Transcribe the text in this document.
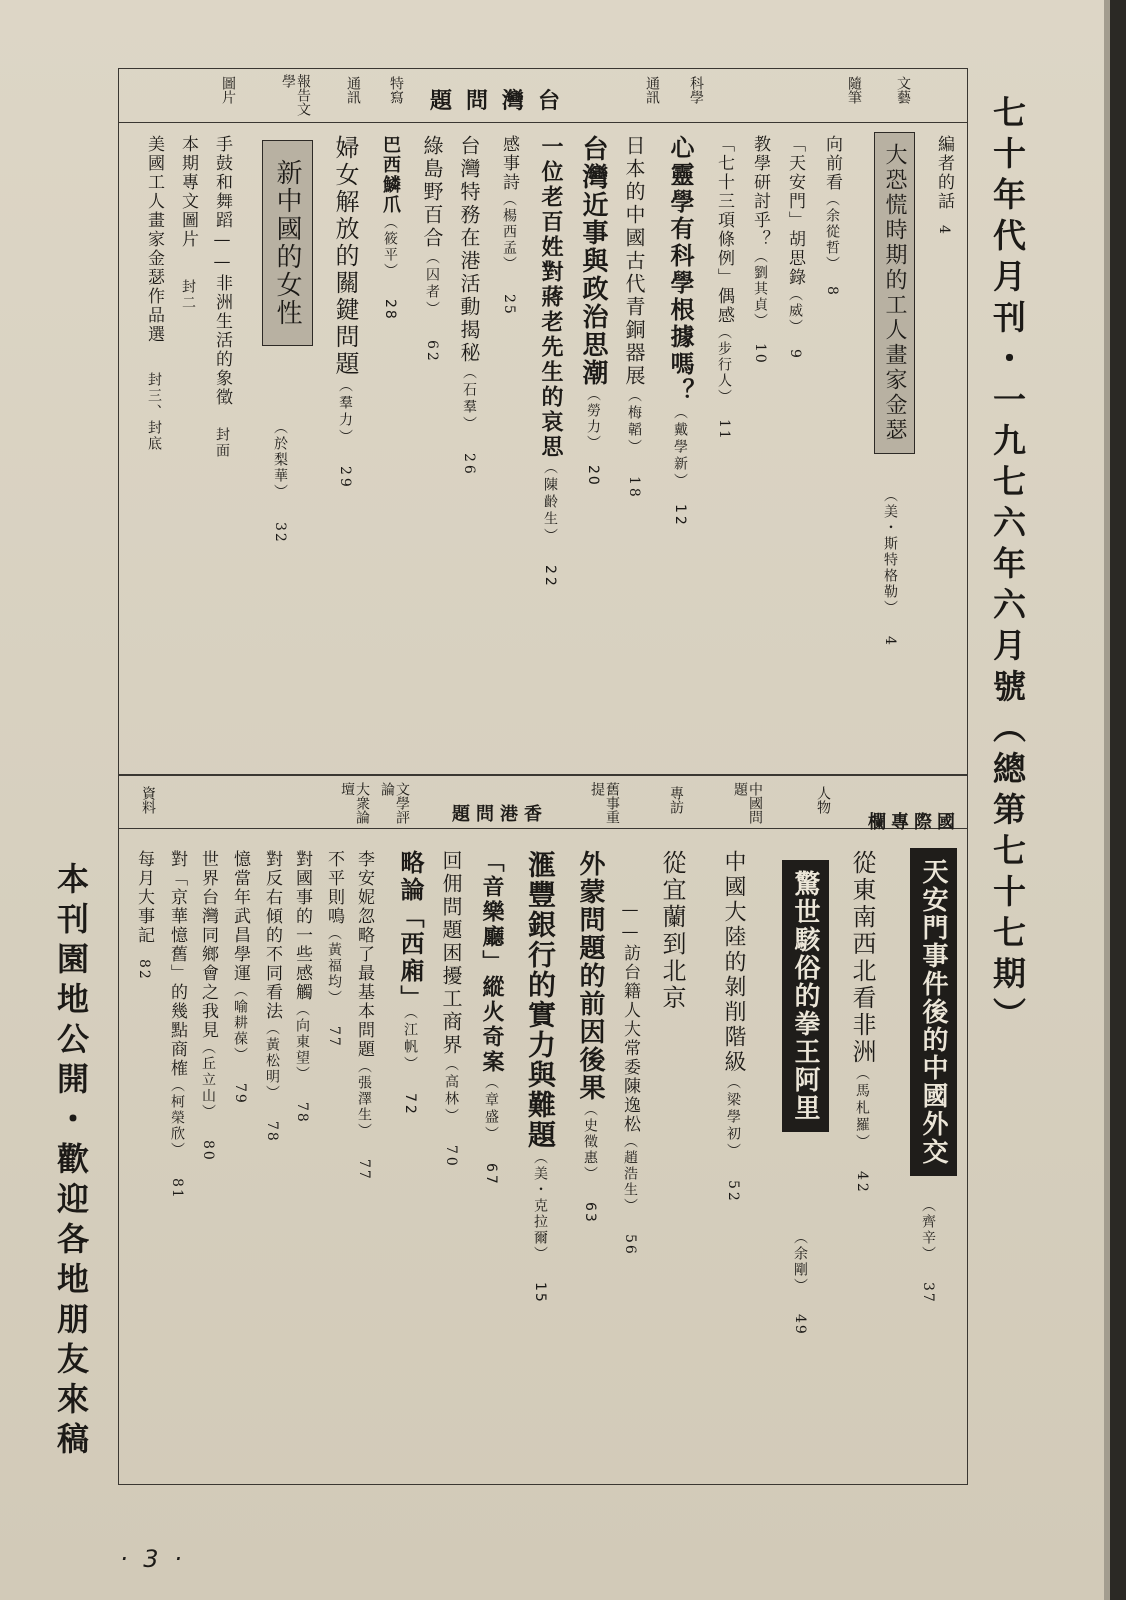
七十年代月刊・一九七六年六月號（總第七十七期）
本刊園地公開・歡迎各地朋友來稿
· 3 ·
文藝
隨筆
科學
通訊
台灣問題
特寫
通訊
報告文學
圖片
編者的話4
大恐慌時期的工人畫家金瑟
（美・斯特格勒）4
向前看（余從哲）8
「天安門」胡思錄（威）9
教學研討乎？（劉其貞）10
「七十三項條例」偶感（步行人）11
心靈學有科學根據嗎？（戴學新）12
日本的中國古代青銅器展（梅韜）18
台灣近事與政治思潮（勞力）20
一位老百姓對蔣老先生的哀思（陳齡生）22
感事詩（楊西孟）25
台灣特務在港活動揭秘（石羣）26
綠島野百合（囚者）62
巴西鱗爪（筱平）28
婦女解放的關鍵問題（羣力）29
新中國的女性
（於梨華）32
手鼓和舞蹈——非洲生活的象徵封面
本期專文圖片封二
美國工人畫家金瑟作品選封三、封底
國際專欄
人物
中國問題
專訪
舊事重提
香港問題
文學評論
大衆論壇
資料
天安門事件後的中國外交
（齊辛）37
從東南西北看非洲（馬札羅）42
驚世駭俗的拳王阿里
（余剛）49
中國大陸的剝削階級（梁學初）52
從宜蘭到北京
——訪台籍人大常委陳逸松（趙浩生）56
外蒙問題的前因後果（史徵惠）63
滙豐銀行的實力與難題（美・克拉爾）15
「音樂廳」縱火奇案（章盛）67
回佣問題困擾工商界（高林）70
略論「西廂」（江帆）72
李安妮忽略了最基本問題（張澤生）77
不平則鳴（黃福均）77
對國事的一些感觸（向東望）78
對反右傾的不同看法（黃松明）78
憶當年武昌學運（喻耕葆）79
世界台灣同鄉會之我見（丘立山）80
對「京華憶舊」的幾點商榷（柯榮欣）81
每月大事記82
